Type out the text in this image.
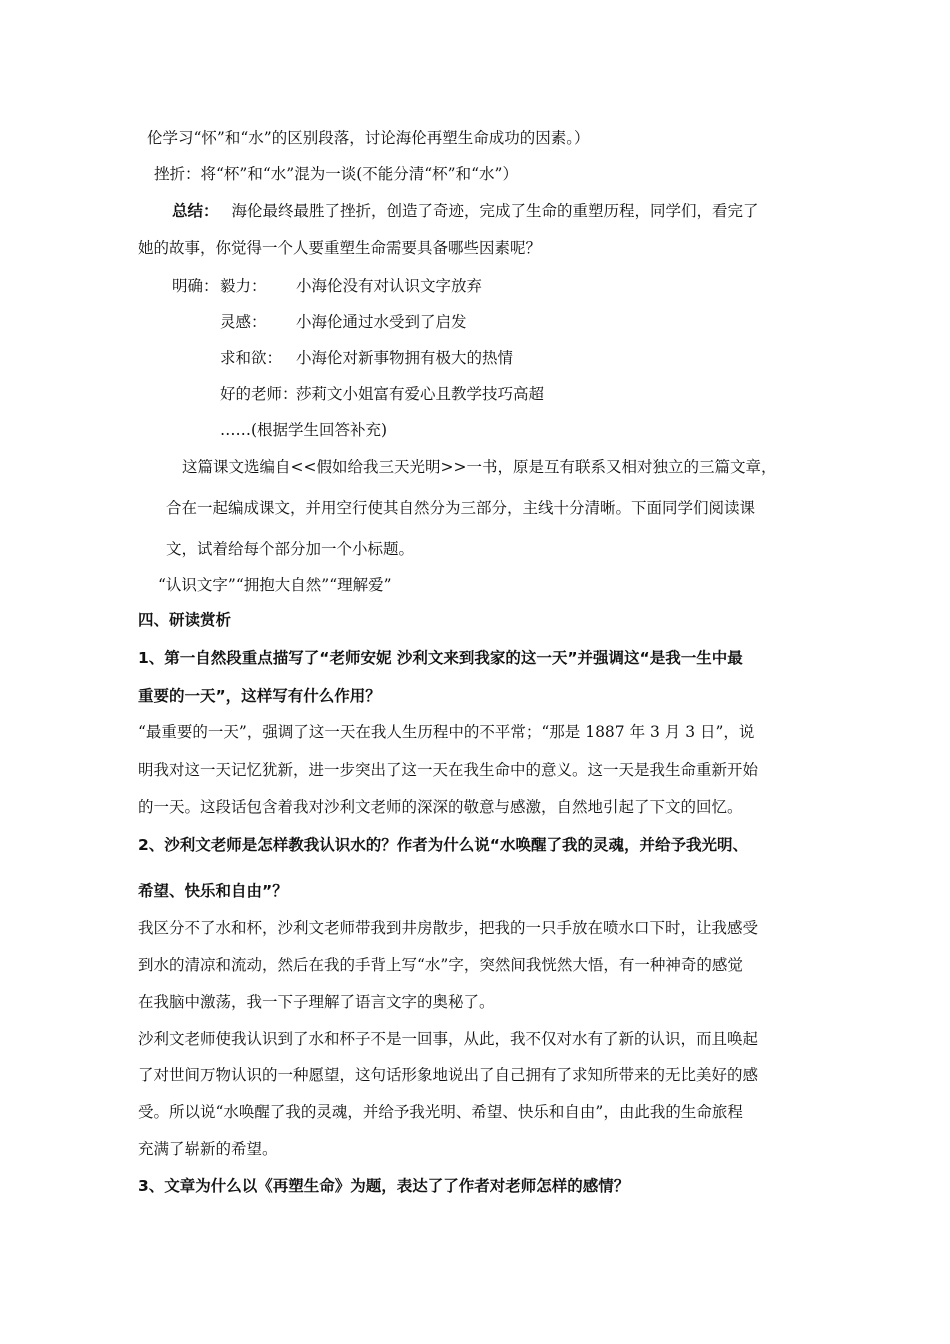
伦学习“怀”和“水”的区别段落，讨论海伦再塑生命成功的因素。）
挫折：将“杯”和“水”混为一谈(不能分清“杯”和“水”）
总结： 海伦最终最胜了挫折，创造了奇迹，完成了生命的重塑历程，同学们，看完了
她的故事，你觉得一个人要重塑生命需要具备哪些因素呢？
明确： 毅力： 小海伦没有对认识文字放弃
灵感： 小海伦通过水受到了启发
求和欲： 小海伦对新事物拥有极大的热情
好的老师：莎莉文小姐富有爱心且教学技巧高超
……(根据学生回答补充)
这篇课文选编自<<假如给我三天光明>>一书，原是互有联系又相对独立的三篇文章，
合在一起编成课文，并用空行使其自然分为三部分，主线十分清晰。下面同学们阅读课
文，试着给每个部分加一个小标题。
“认识文字”“拥抱大自然”“理解爱”
四、研读赏析
1、第一自然段重点描写了“老师安妮 沙利文来到我家的这一天”并强调这“是我一生中最
重要的一天”，这样写有什么作用？
“最重要的一天”，强调了这一天在我人生历程中的不平常；“那是 1887 年 3 月 3 日”，说
明我对这一天记忆犹新，进一步突出了这一天在我生命中的意义。这一天是我生命重新开始
的一天。这段话包含着我对沙利文老师的深深的敬意与感激，自然地引起了下文的回忆。
2、沙利文老师是怎样教我认识水的？作者为什么说“水唤醒了我的灵魂，并给予我光明、
希望、快乐和自由”？
我区分不了水和杯，沙利文老师带我到井房散步，把我的一只手放在喷水口下时，让我感受
到水的清凉和流动，然后在我的手背上写“水”字，突然间我恍然大悟，有一种神奇的感觉
在我脑中激荡，我一下子理解了语言文字的奥秘了。
沙利文老师使我认识到了水和杯子不是一回事，从此，我不仅对水有了新的认识，而且唤起
了对世间万物认识的一种愿望，这句话形象地说出了自己拥有了求知所带来的无比美好的感
受。所以说“水唤醒了我的灵魂，并给予我光明、希望、快乐和自由”，由此我的生命旅程
充满了崭新的希望。
3、文章为什么以《再塑生命》为题，表达了了作者对老师怎样的感情？
